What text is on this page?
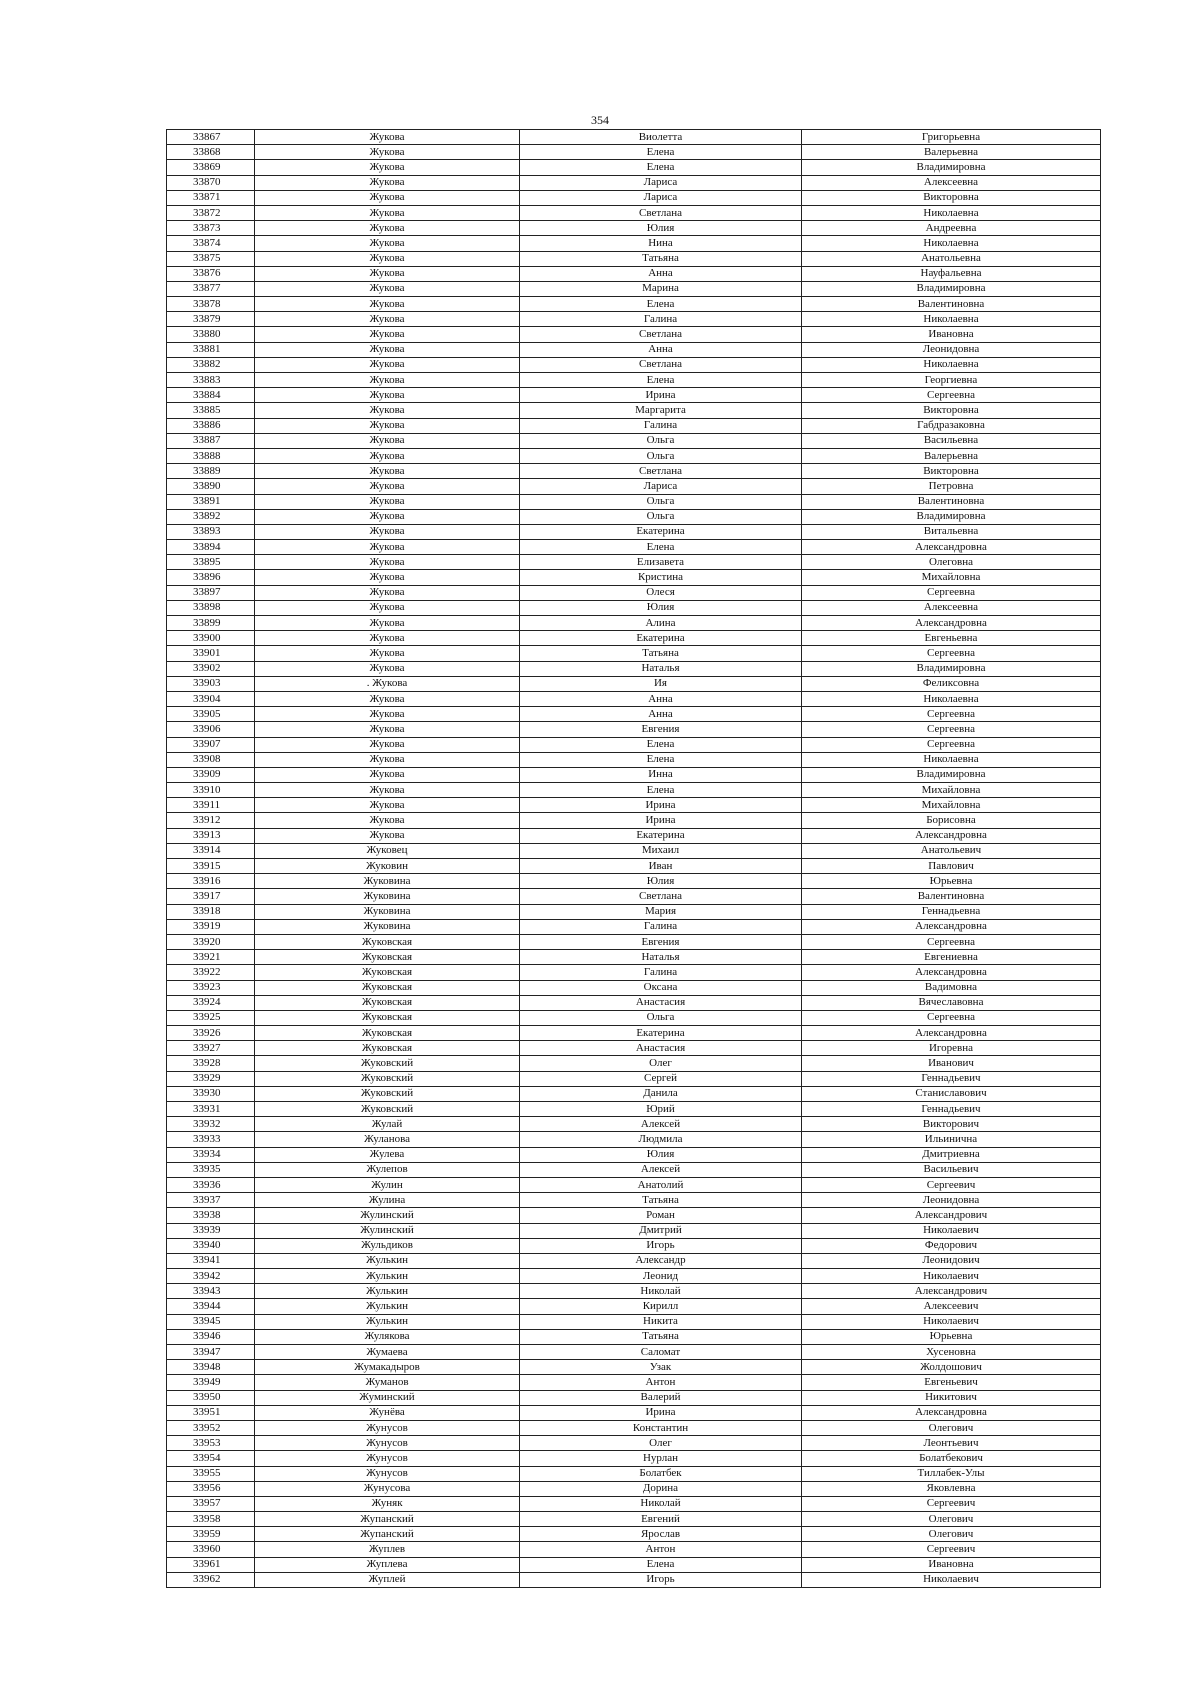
354
33867	Жукова	Виолетта	Григорьевна
33868	Жукова	Елена	Валерьевна
33869	Жукова	Елена	Владимировна
33870	Жукова	Лариса	Алексеевна
33871	Жукова	Лариса	Викторовна
33872	Жукова	Светлана	Николаевна
33873	Жукова	Юлия	Андреевна
33874	Жукова	Нина	Николаевна
33875	Жукова	Татьяна	Анатольевна
33876	Жукова	Анна	Науфальевна
33877	Жукова	Марина	Владимировна
33878	Жукова	Елена	Валентиновна
33879	Жукова	Галина	Николаевна
33880	Жукова	Светлана	Ивановна
33881	Жукова	Анна	Леонидовна
33882	Жукова	Светлана	Николаевна
33883	Жукова	Елена	Георгиевна
33884	Жукова	Ирина	Сергеевна
33885	Жукова	Маргарита	Викторовна
33886	Жукова	Галина	Габдразаковна
33887	Жукова	Ольга	Васильевна
33888	Жукова	Ольга	Валерьевна
33889	Жукова	Светлана	Викторовна
33890	Жукова	Лариса	Петровна
33891	Жукова	Ольга	Валентиновна
33892	Жукова	Ольга	Владимировна
33893	Жукова	Екатерина	Витальевна
33894	Жукова	Елена	Александровна
33895	Жукова	Елизавета	Олеговна
33896	Жукова	Кристина	Михайловна
33897	Жукова	Олеся	Сергеевна
33898	Жукова	Юлия	Алексеевна
33899	Жукова	Алина	Александровна
33900	Жукова	Екатерина	Евгеньевна
33901	Жукова	Татьяна	Сергеевна
33902	Жукова	Наталья	Владимировна
33903	. Жукова	Ия	Феликсовна
33904	Жукова	Анна	Николаевна
33905	Жукова	Анна	Сергеевна
33906	Жукова	Евгения	Сергеевна
33907	Жукова	Елена	Сергеевна
33908	Жукова	Елена	Николаевна
33909	Жукова	Инна	Владимировна
33910	Жукова	Елена	Михайловна
33911	Жукова	Ирина	Михайловна
33912	Жукова	Ирина	Борисовна
33913	Жукова	Екатерина	Александровна
33914	Жуковец	Михаил	Анатольевич
33915	Жуковин	Иван	Павлович
33916	Жуковина	Юлия	Юрьевна
33917	Жуковина	Светлана	Валентиновна
33918	Жуковина	Мария	Геннадьевна
33919	Жуковина	Галина	Александровна
33920	Жуковская	Евгения	Сергеевна
33921	Жуковская	Наталья	Евгениевна
33922	Жуковская	Галина	Александровна
33923	Жуковская	Оксана	Вадимовна
33924	Жуковская	Анастасия	Вячеславовна
33925	Жуковская	Ольга	Сергеевна
33926	Жуковская	Екатерина	Александровна
33927	Жуковская	Анастасия	Игоревна
33928	Жуковский	Олег	Иванович
33929	Жуковский	Сергей	Геннадьевич
33930	Жуковский	Данила	Станиславович
33931	Жуковский	Юрий	Геннадьевич
33932	Жулай	Алексей	Викторович
33933	Жуланова	Людмила	Ильинична
33934	Жулева	Юлия	Дмитриевна
33935	Жулепов	Алексей	Васильевич
33936	Жулин	Анатолий	Сергеевич
33937	Жулина	Татьяна	Леонидовна
33938	Жулинский	Роман	Александрович
33939	Жулинский	Дмитрий	Николаевич
33940	Жульдиков	Игорь	Федорович
33941	Жулькин	Александр	Леонидович
33942	Жулькин	Леонид	Николаевич
33943	Жулькин	Николай	Александрович
33944	Жулькин	Кирилл	Алексеевич
33945	Жулькин	Никита	Николаевич
33946	Жулякова	Татьяна	Юрьевна
33947	Жумаева	Саломат	Хусеновна
33948	Жумакадыров	Узак	Жолдошович
33949	Жуманов	Антон	Евгеньевич
33950	Жуминский	Валерий	Никитович
33951	Жунёва	Ирина	Александровна
33952	Жунусов	Константин	Олегович
33953	Жунусов	Олег	Леонтьевич
33954	Жунусов	Нурлан	Болатбекович
33955	Жунусов	Болатбек	Тиллабек-Улы
33956	Жунусова	Дорина	Яковлевна
33957	Жуняк	Николай	Сергеевич
33958	Жупанский	Евгений	Олегович
33959	Жупанский	Ярослав	Олегович
33960	Жуплев	Антон	Сергеевич
33961	Жуплева	Елена	Ивановна
33962	Жуплей	Игорь	Николаевич
